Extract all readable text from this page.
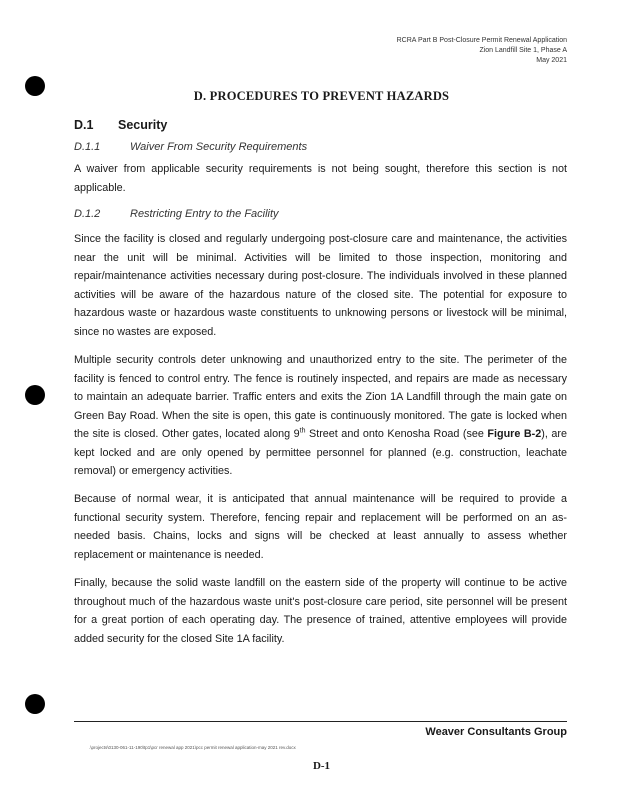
RCRA Part B Post-Closure Permit Renewal Application
Zion Landfill Site 1, Phase A
May 2021
D. PROCEDURES TO PREVENT HAZARDS
D.1 Security
D.1.1	Waiver From Security Requirements
A waiver from applicable security requirements is not being sought, therefore this section is not applicable.
D.1.2	Restricting Entry to the Facility
Since the facility is closed and regularly undergoing post-closure care and maintenance, the activities near the unit will be minimal. Activities will be limited to those inspection, monitoring and repair/maintenance activities necessary during post-closure. The individuals involved in these planned activities will be aware of the hazardous nature of the closed site. The potential for exposure to hazardous waste or hazardous waste constituents to unknowing persons or livestock will be minimal, since no wastes are exposed.
Multiple security controls deter unknowing and unauthorized entry to the site. The perimeter of the facility is fenced to control entry. The fence is routinely inspected, and repairs are made as necessary to maintain an adequate barrier. Traffic enters and exits the Zion 1A Landfill through the main gate on Green Bay Road. When the site is open, this gate is continuously monitored. The gate is locked when the site is closed. Other gates, located along 9th Street and onto Kenosha Road (see Figure B-2), are kept locked and are only opened by permittee personnel for planned (e.g. construction, leachate removal) or emergency activities.
Because of normal wear, it is anticipated that annual maintenance will be required to provide a functional security system. Therefore, fencing repair and replacement will be performed on an as-needed basis. Chains, locks and signs will be checked at least annually to assess whether replacement or maintenance is needed.
Finally, because the solid waste landfill on the eastern side of the property will continue to be active throughout much of the hazardous waste unit's post-closure care period, site personnel will be present for a great portion of each operating day. The presence of trained, attentive employees will provide added security for the closed Site 1A facility.
Weaver Consultants Group
.\projects\0130-061-11-190\tp1\pcr renewal app 2021\pcc permit renewal application-may 2021 rev.docx
D-1
